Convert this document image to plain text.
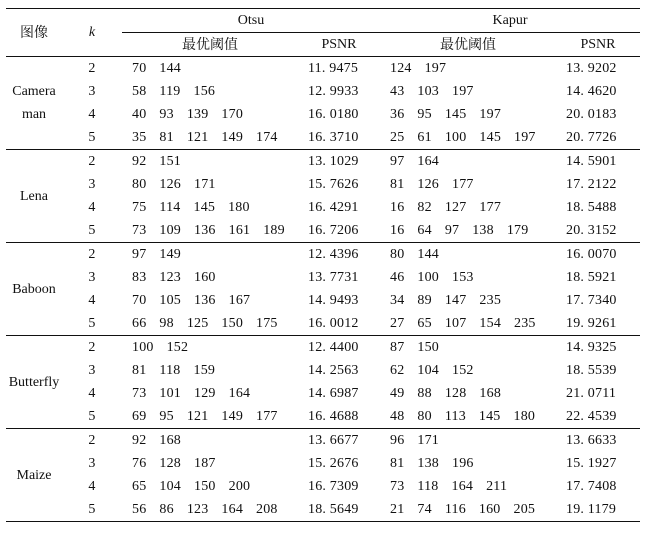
图像	k	Otsu		Kapur	
		最优阈值	PSNR	最优阈值	PSNR

Camera
man	2	70 144	11. 9475	124 197	13. 9202
	3	58 119 156	12. 9933	43 103 197	14. 4620
	4	40 93 139 170	16. 0180	36 95 145 197	20. 0183
	5	35 81 121 149 174	16. 3710	25 61 100 145 197	20. 7726

Lena	2	92 151	13. 1029	97 164	14. 5901
	3	80 126 171	15. 7626	81 126 177	17. 2122
	4	75 114 145 180	16. 4291	16 82 127 177	18. 5488
	5	73 109 136 161 189	16. 7206	16 64 97 138 179	20. 3152

Baboon	2	97 149	12. 4396	80 144	16. 0070
	3	83 123 160	13. 7731	46 100 153	18. 5921
	4	70 105 136 167	14. 9493	34 89 147 235	17. 7340
	5	66 98 125 150 175	16. 0012	27 65 107 154 235	19. 9261

Butterfly	2	100 152	12. 4400	87 150	14. 9325
	3	81 118 159	14. 2563	62 104 152	18. 5539
	4	73 101 129 164	14. 6987	49 88 128 168	21. 0711
	5	69 95 121 149 177	16. 4688	48 80 113 145 180	22. 4539

Maize	2	92 168	13. 6677	96 171	13. 6633
	3	76 128 187	15. 2676	81 138 196	15. 1927
	4	65 104 150 200	16. 7309	73 118 164 211	17. 7408
	5	56 86 123 164 208	18. 5649	21 74 116 160 205	19. 1179
